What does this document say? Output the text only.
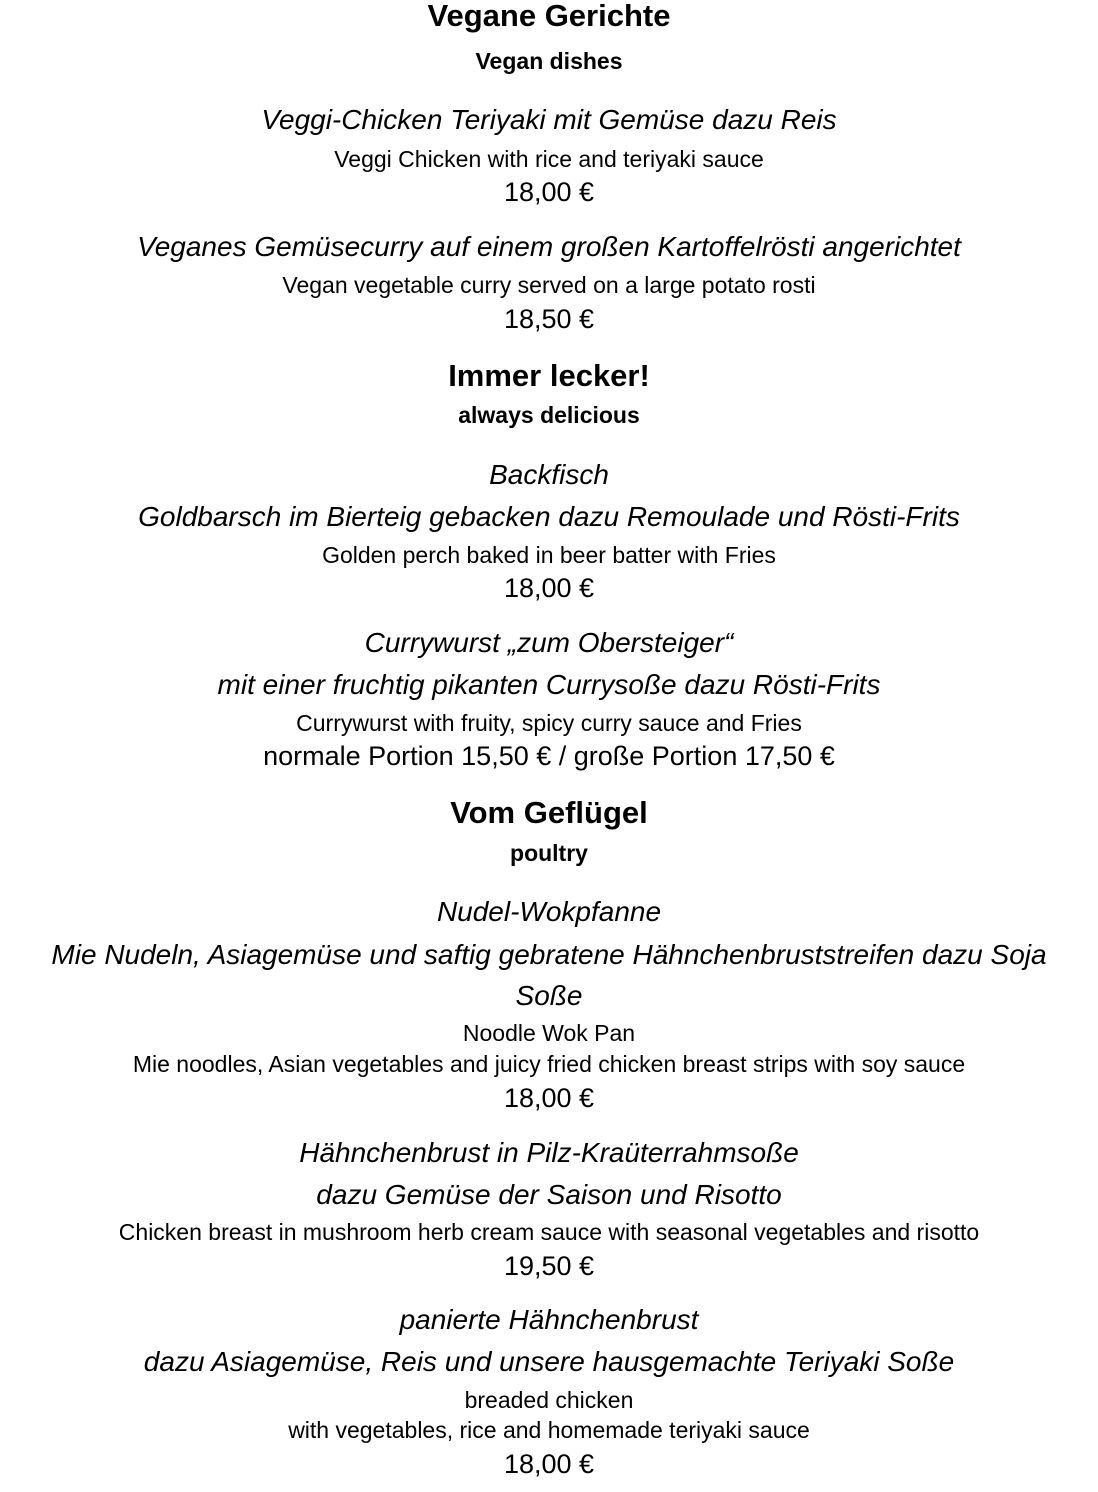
Vegane Gerichte
Vegan dishes
Veggi-Chicken Teriyaki mit Gemüse dazu Reis
Veggi Chicken with rice and teriyaki sauce
18,00 €
Veganes Gemüsecurry auf einem großen Kartoffelrösti angerichtet
Vegan vegetable curry served on a large potato rosti
18,50 €
Immer lecker!
always delicious
Backfisch
Goldbarsch im Bierteig gebacken dazu Remoulade und Rösti-Frits
Golden perch baked in beer batter with Fries
18,00 €
Currywurst „zum Obersteiger“
mit einer fruchtig pikanten Currysoße dazu Rösti-Frits
Currywurst with fruity, spicy curry sauce and Fries
normale Portion 15,50 € / große Portion 17,50 €
Vom Geflügel
poultry
Nudel-Wokpfanne
Mie Nudeln, Asiagemüse und saftig gebratene Hähnchenbruststreifen dazu Soja
Soße
Noodle Wok Pan
Mie noodles, Asian vegetables and juicy fried chicken breast strips with soy sauce
18,00 €
Hähnchenbrust in Pilz-Kraüterrahmsoße
dazu Gemüse der Saison und Risotto
Chicken breast in mushroom herb cream sauce with seasonal vegetables and risotto
19,50 €
panierte Hähnchenbrust
dazu Asiagemüse, Reis und unsere hausgemachte Teriyaki Soße
breaded chicken
with vegetables, rice and homemade teriyaki sauce
18,00 €
